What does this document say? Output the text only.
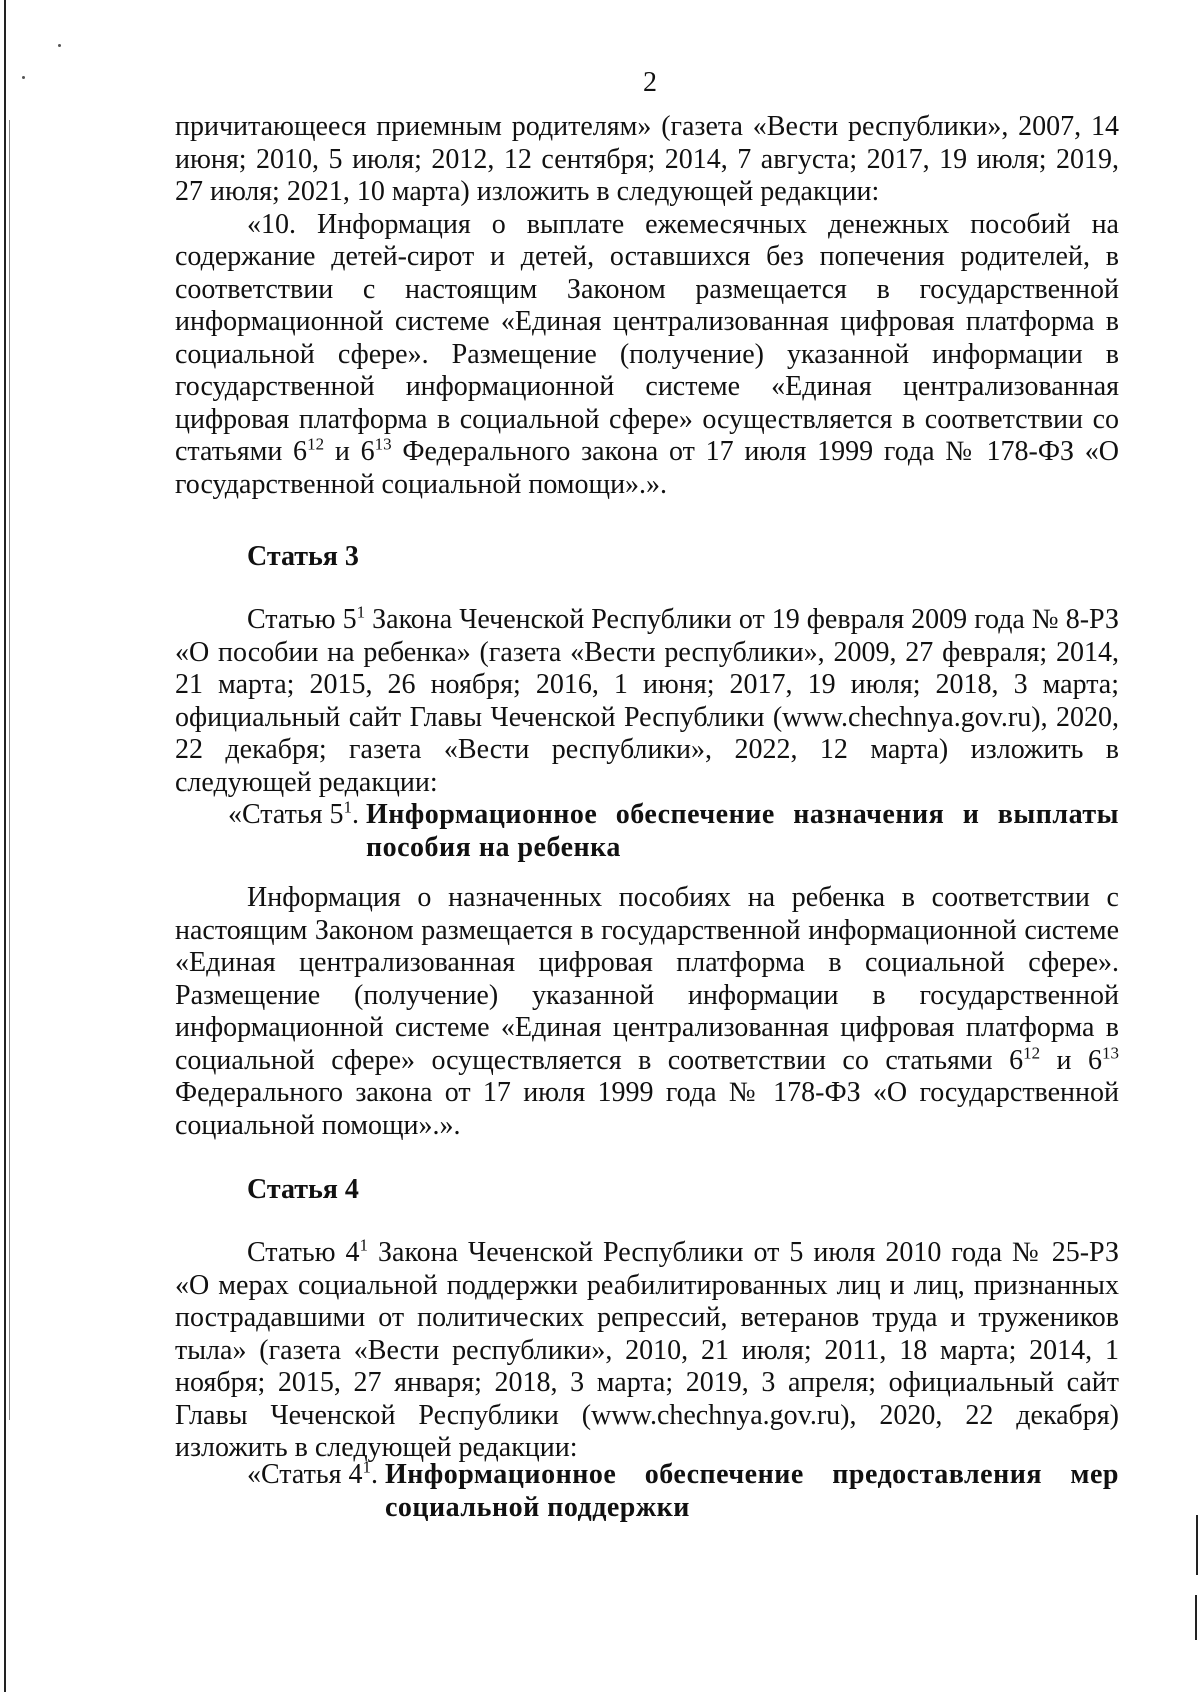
2

причитающееся приемным родителям» (газета «Вести республики», 2007, 14 июня; 2010, 5 июля; 2012, 12 сентября; 2014, 7 августа; 2017, 19 июля; 2019, 27 июля; 2021, 10 марта) изложить в следующей редакции:

«10. Информация о выплате ежемесячных денежных пособий на содержание детей-сирот и детей, оставшихся без попечения родителей, в соответствии с настоящим Законом размещается в государственной информационной системе «Единая централизованная цифровая платформа в социальной сфере». Размещение (получение) указанной информации в государственной информационной системе «Единая централизованная цифровая платформа в социальной сфере» осуществляется в соответствии со статьями $6^{12}$ и $6^{13}$ Федерального закона от 17 июля 1999 года № 178-ФЗ «О государственной социальной помощи».».

Статья 3

Статью $5^1$ Закона Чеченской Республики от 19 февраля 2009 года № 8-РЗ «О пособии на ребенка» (газета «Вести республики», 2009, 27 февраля; 2014, 21 марта; 2015, 26 ноября; 2016, 1 июня; 2017, 19 июля; 2018, 3 марта; официальный сайт Главы Чеченской Республики (www.chechnya.gov.ru), 2020, 22 декабря; газета «Вести республики», 2022, 12 марта) изложить в следующей редакции:

«Статья $5^1$. Информационное обеспечение назначения и выплаты пособия на ребенка

Информация о назначенных пособиях на ребенка в соответствии с настоящим Законом размещается в государственной информационной системе «Единая централизованная цифровая платформа в социальной сфере». Размещение (получение) указанной информации в государственной информационной системе «Единая централизованная цифровая платформа в социальной сфере» осуществляется в соответствии со статьями $6^{12}$ и $6^{13}$ Федерального закона от 17 июля 1999 года № 178-ФЗ «О государственной социальной помощи».».

Статья 4

Статью $4^1$ Закона Чеченской Республики от 5 июля 2010 года № 25-РЗ «О мерах социальной поддержки реабилитированных лиц и лиц, признанных пострадавшими от политических репрессий, ветеранов труда и тружеников тыла» (газета «Вести республики», 2010, 21 июля; 2011, 18 марта; 2014, 1 ноября; 2015, 27 января; 2018, 3 марта; 2019, 3 апреля; официальный сайт Главы Чеченской Республики (www.chechnya.gov.ru), 2020, 22 декабря) изложить в следующей редакции:

«Статья $4^1$. Информационное обеспечение предоставления мер социальной поддержки
